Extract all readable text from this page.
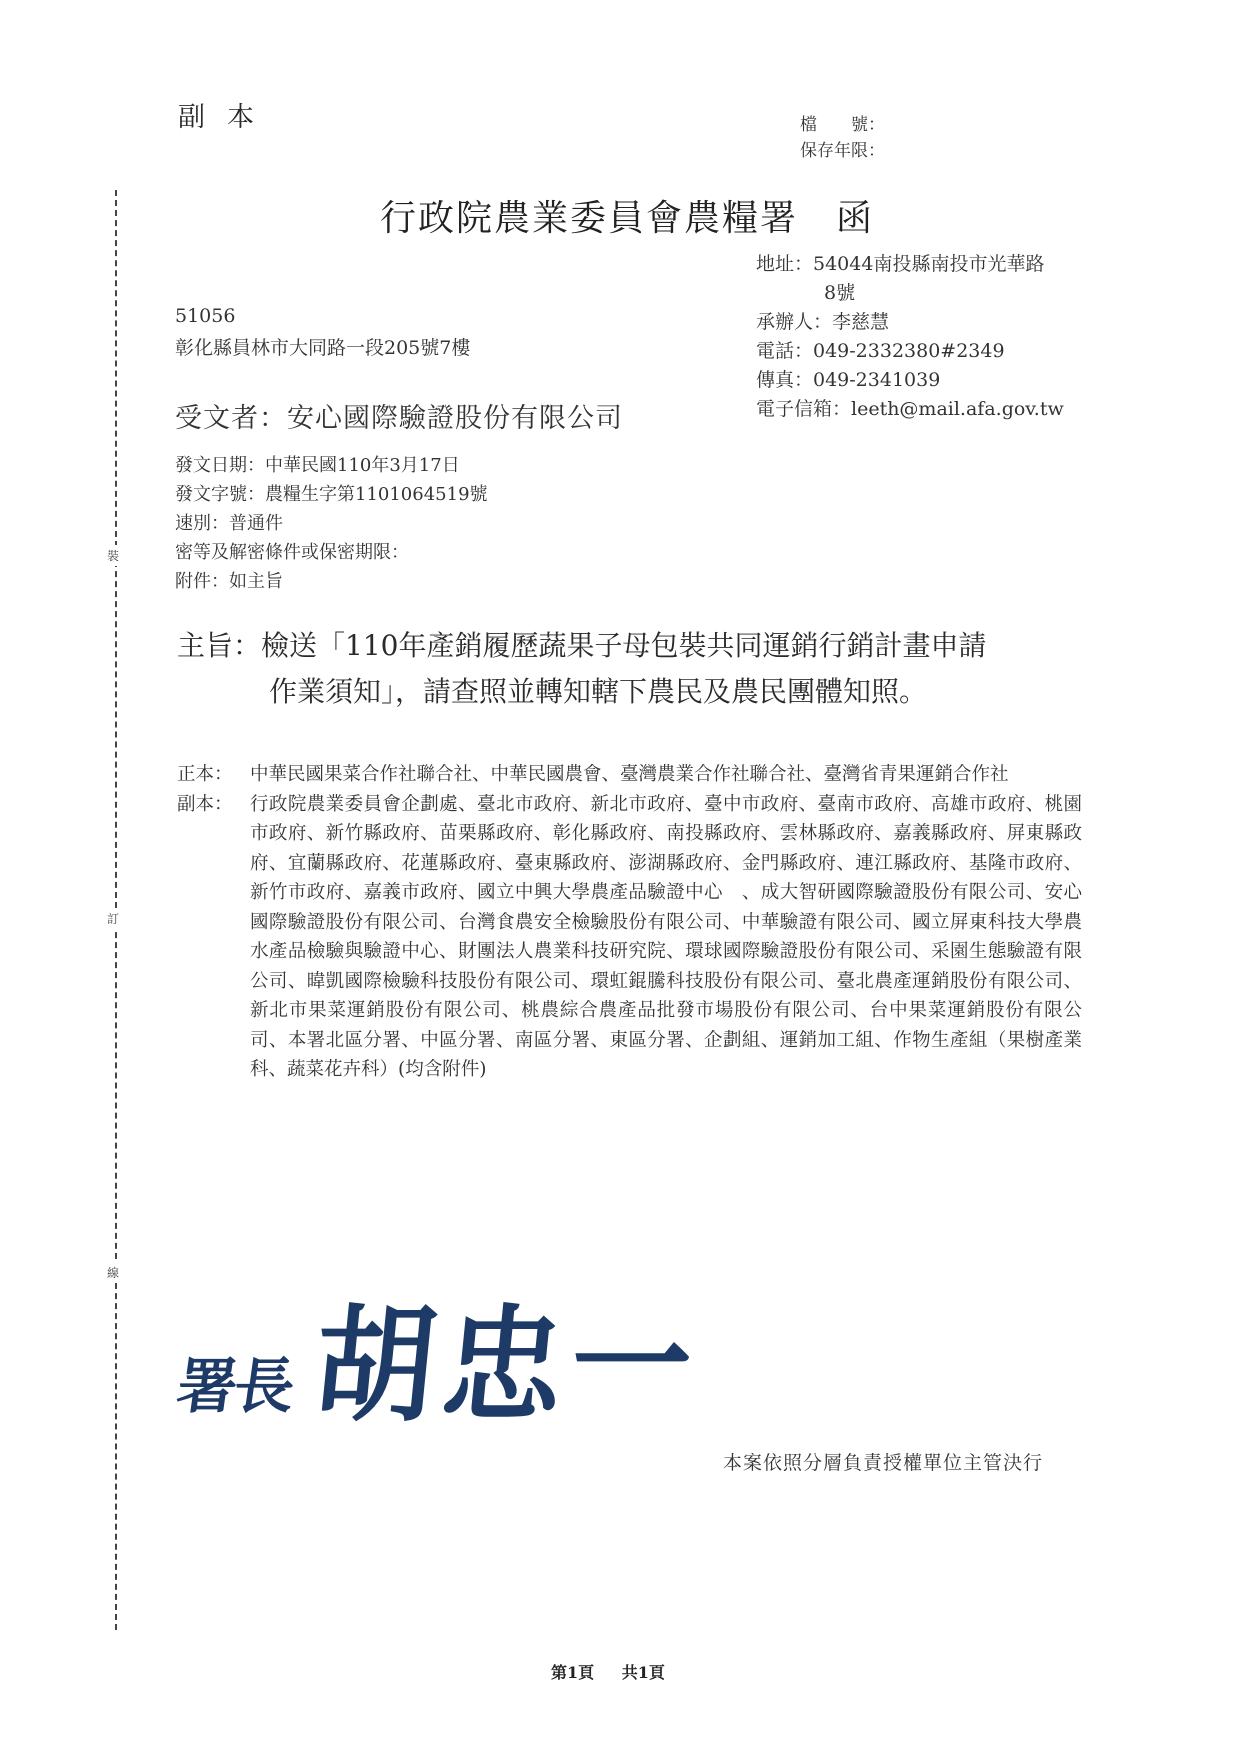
裝
訂
線
副本	檔　　號：
保存年限：
行政院農業委員會農糧署　函
地址：54044南投縣南投市光華路
8號
承辦人：李慈慧
電話：049-2332380#2349
傳真：049-2341039
電子信箱：leeth@mail.afa.gov.tw
51056
彰化縣員林市大同路一段205號7樓
受文者：安心國際驗證股份有限公司
發文日期：中華民國110年3月17日
發文字號：農糧生字第1101064519號
速別：普通件
密等及解密條件或保密期限：
附件：如主旨
主旨：檢送「110年產銷履歷蔬果子母包裝共同運銷行銷計畫申請
作業須知」，請查照並轉知轄下農民及農民團體知照。
正本： 中華民國果菜合作社聯合社、中華民國農會、臺灣農業合作社聯合社、臺灣省青果運銷合作社
副本： 行政院農業委員會企劃處、臺北市政府、新北市政府、臺中市政府、臺南市政府、高雄市政府、桃園市政府、新竹縣政府、苗栗縣政府、彰化縣政府、南投縣政府、雲林縣政府、嘉義縣政府、屏東縣政府、宜蘭縣政府、花蓮縣政府、臺東縣政府、澎湖縣政府、金門縣政府、連江縣政府、基隆市政府、新竹市政府、嘉義市政府、國立中興大學農產品驗證中心　、成大智研國際驗證股份有限公司、安心國際驗證股份有限公司、台灣食農安全檢驗股份有限公司、中華驗證有限公司、國立屏東科技大學農水產品檢驗與驗證中心、財團法人農業科技研究院、環球國際驗證股份有限公司、采園生態驗證有限公司、暐凱國際檢驗科技股份有限公司、環虹錕騰科技股份有限公司、臺北農產運銷股份有限公司、新北市果菜運銷股份有限公司、桃農綜合農產品批發市場股份有限公司、台中果菜運銷股份有限公司、本署北區分署、中區分署、南區分署、東區分署、企劃組、運銷加工組、作物生產組（果樹產業科、蔬菜花卉科）(均含附件)
署長 胡忠一
本案依照分層負責授權單位主管決行
第1頁 共1頁
